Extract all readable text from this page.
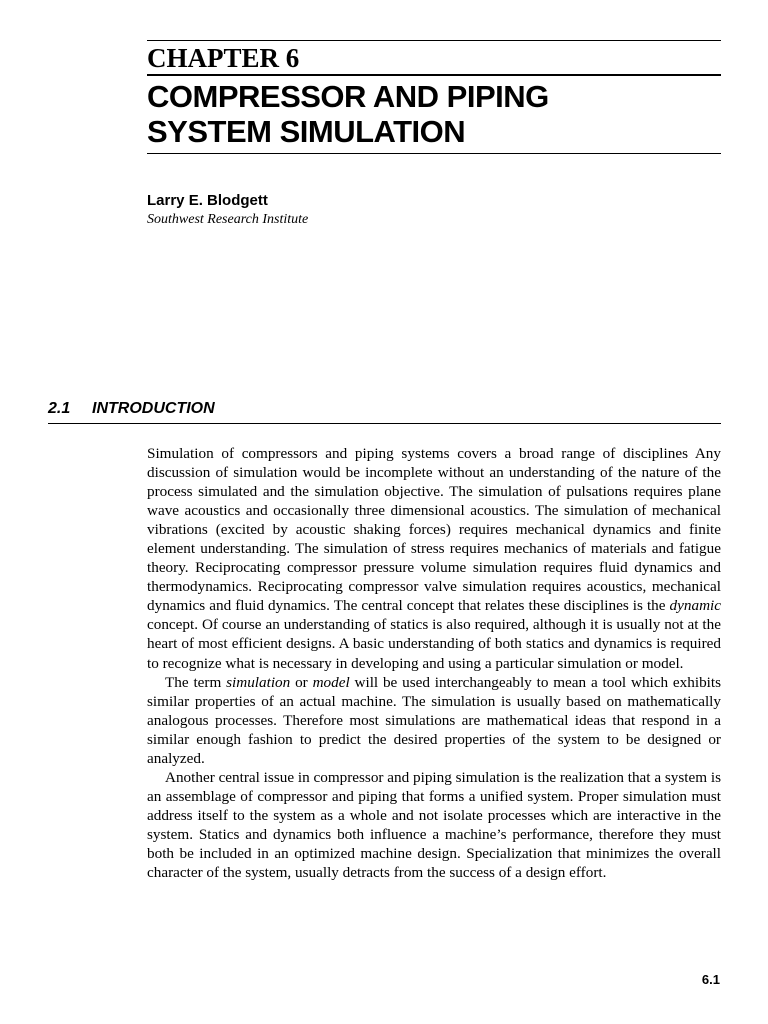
CHAPTER 6
COMPRESSOR AND PIPING
SYSTEM SIMULATION
Larry E. Blodgett
Southwest Research Institute
2.1 INTRODUCTION

Simulation of compressors and piping systems covers a broad range of disciplines Any discussion of simulation would be incomplete without an understanding of the nature of the process simulated and the simulation objective. The simulation of pulsations requires plane wave acoustics and occasionally three dimensional acoustics. The simulation of mechanical vibrations (excited by acoustic shaking forces) requires mechanical dynamics and finite element understanding. The simulation of stress requires mechanics of materials and fatigue theory. Reciprocating compressor pressure volume simulation requires fluid dynamics and thermodynamics. Reciprocating compressor valve simulation requires acoustics, mechanical dynamics and fluid dynamics. The central concept that relates these disciplines is the dynamic concept. Of course an understanding of statics is also required, although it is usually not at the heart of most efficient designs. A basic understanding of both statics and dynamics is required to recognize what is necessary in developing and using a particular simulation or model.

The term simulation or model will be used interchangeably to mean a tool which exhibits similar properties of an actual machine. The simulation is usually based on mathematically analogous processes. Therefore most simulations are mathematical ideas that respond in a similar enough fashion to predict the desired properties of the system to be designed or analyzed.

Another central issue in compressor and piping simulation is the realization that a system is an assemblage of compressor and piping that forms a unified system. Proper simulation must address itself to the system as a whole and not isolate processes which are interactive in the system. Statics and dynamics both influence a machine’s performance, therefore they must both be included in an optimized machine design. Specialization that minimizes the overall character of the system, usually detracts from the success of a design effort.

6.1
